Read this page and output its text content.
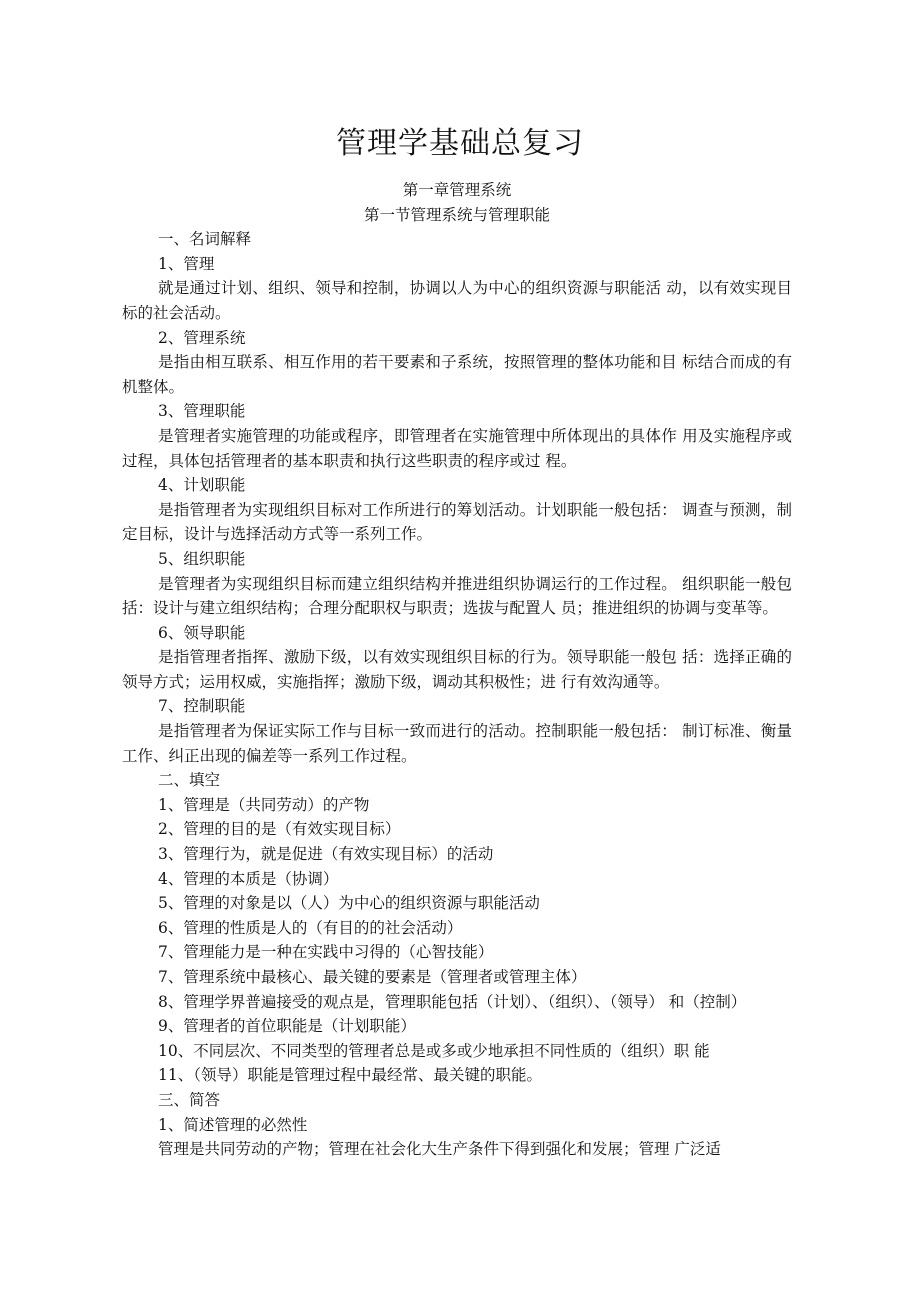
管理学基础总复习

第一章管理系统

第一节管理系统与管理职能

一、名词解释

1、管理

就是通过计划、组织、领导和控制，协调以人为中心的组织资源与职能活 动，以有效实现目标的社会活动。

2、管理系统

是指由相互联系、相互作用的若干要素和子系统，按照管理的整体功能和目 标结合而成的有机整体。

3、管理职能

是管理者实施管理的功能或程序，即管理者在实施管理中所体现出的具体作 用及实施程序或过程，具体包括管理者的基本职责和执行这些职责的程序或过 程。

4、计划职能

是指管理者为实现组织目标对工作所进行的筹划活动。计划职能一般包括： 调查与预测，制定目标，设计与选择活动方式等一系列工作。

5、组织职能

是管理者为实现组织目标而建立组织结构并推进组织协调运行的工作过程。 组织职能一般包括：设计与建立组织结构；合理分配职权与职责；选拔与配置人 员；推进组织的协调与变革等。

6、领导职能

是指管理者指挥、激励下级，以有效实现组织目标的行为。领导职能一般包 括：选择正确的领导方式；运用权威，实施指挥；激励下级，调动其积极性；进 行有效沟通等。

7、控制职能

是指管理者为保证实际工作与目标一致而进行的活动。控制职能一般包括： 制订标准、衡量工作、纠正出现的偏差等一系列工作过程。

二、填空

1、管理是（共同劳动）的产物

2、管理的目的是（有效实现目标）

3、管理行为，就是促进（有效实现目标）的活动

4、管理的本质是（协调）

5、管理的对象是以（人）为中心的组织资源与职能活动

6、管理的性质是人的（有目的的社会活动）

7、管理能力是一种在实践中习得的（心智技能）

7、管理系统中最核心、最关键的要素是（管理者或管理主体）

8、管理学界普遍接受的观点是，管理职能包括（计划）、（组织）、（领导） 和（控制）

9、管理者的首位职能是（计划职能）

10、不同层次、不同类型的管理者总是或多或少地承担不同性质的（组织）职 能

11、（领导）职能是管理过程中最经常、最关键的职能。

三、简答

1、简述管理的必然性

管理是共同劳动的产物；管理在社会化大生产条件下得到强化和发展；管理 广泛适
